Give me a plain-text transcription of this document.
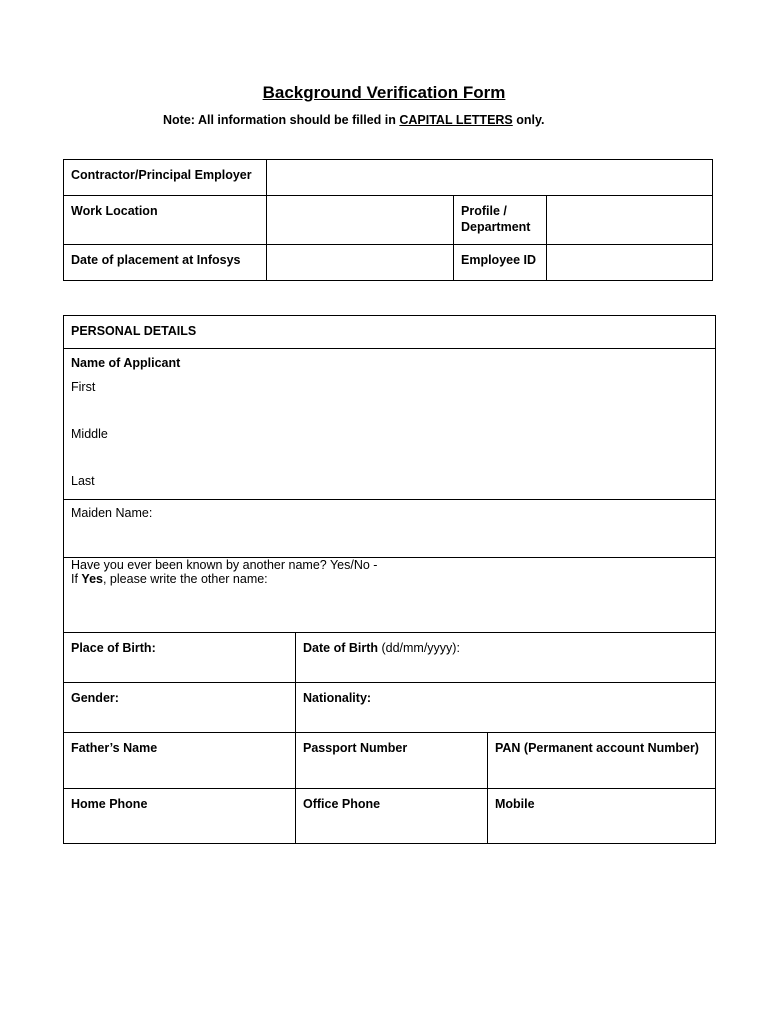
Background Verification Form
Note: All information should be filled in CAPITAL LETTERS only.
Contractor/Principal Employer			
Work Location		Profile /
Department	

Date of placement at Infosys		Employee ID	
PERSONAL DETAILS		

Name of Applicant
First
Middle
Last		

Maiden Name:		

Have you ever been known by another name? Yes/No -
If Yes, please write the other name:		

Place of Birth:	Date of Birth (dd/mm/yyyy):	
Gender:	Nationality:	
Father’s Name	Passport Number	PAN (Permanent account Number)
Home Phone	Office Phone	Mobile
